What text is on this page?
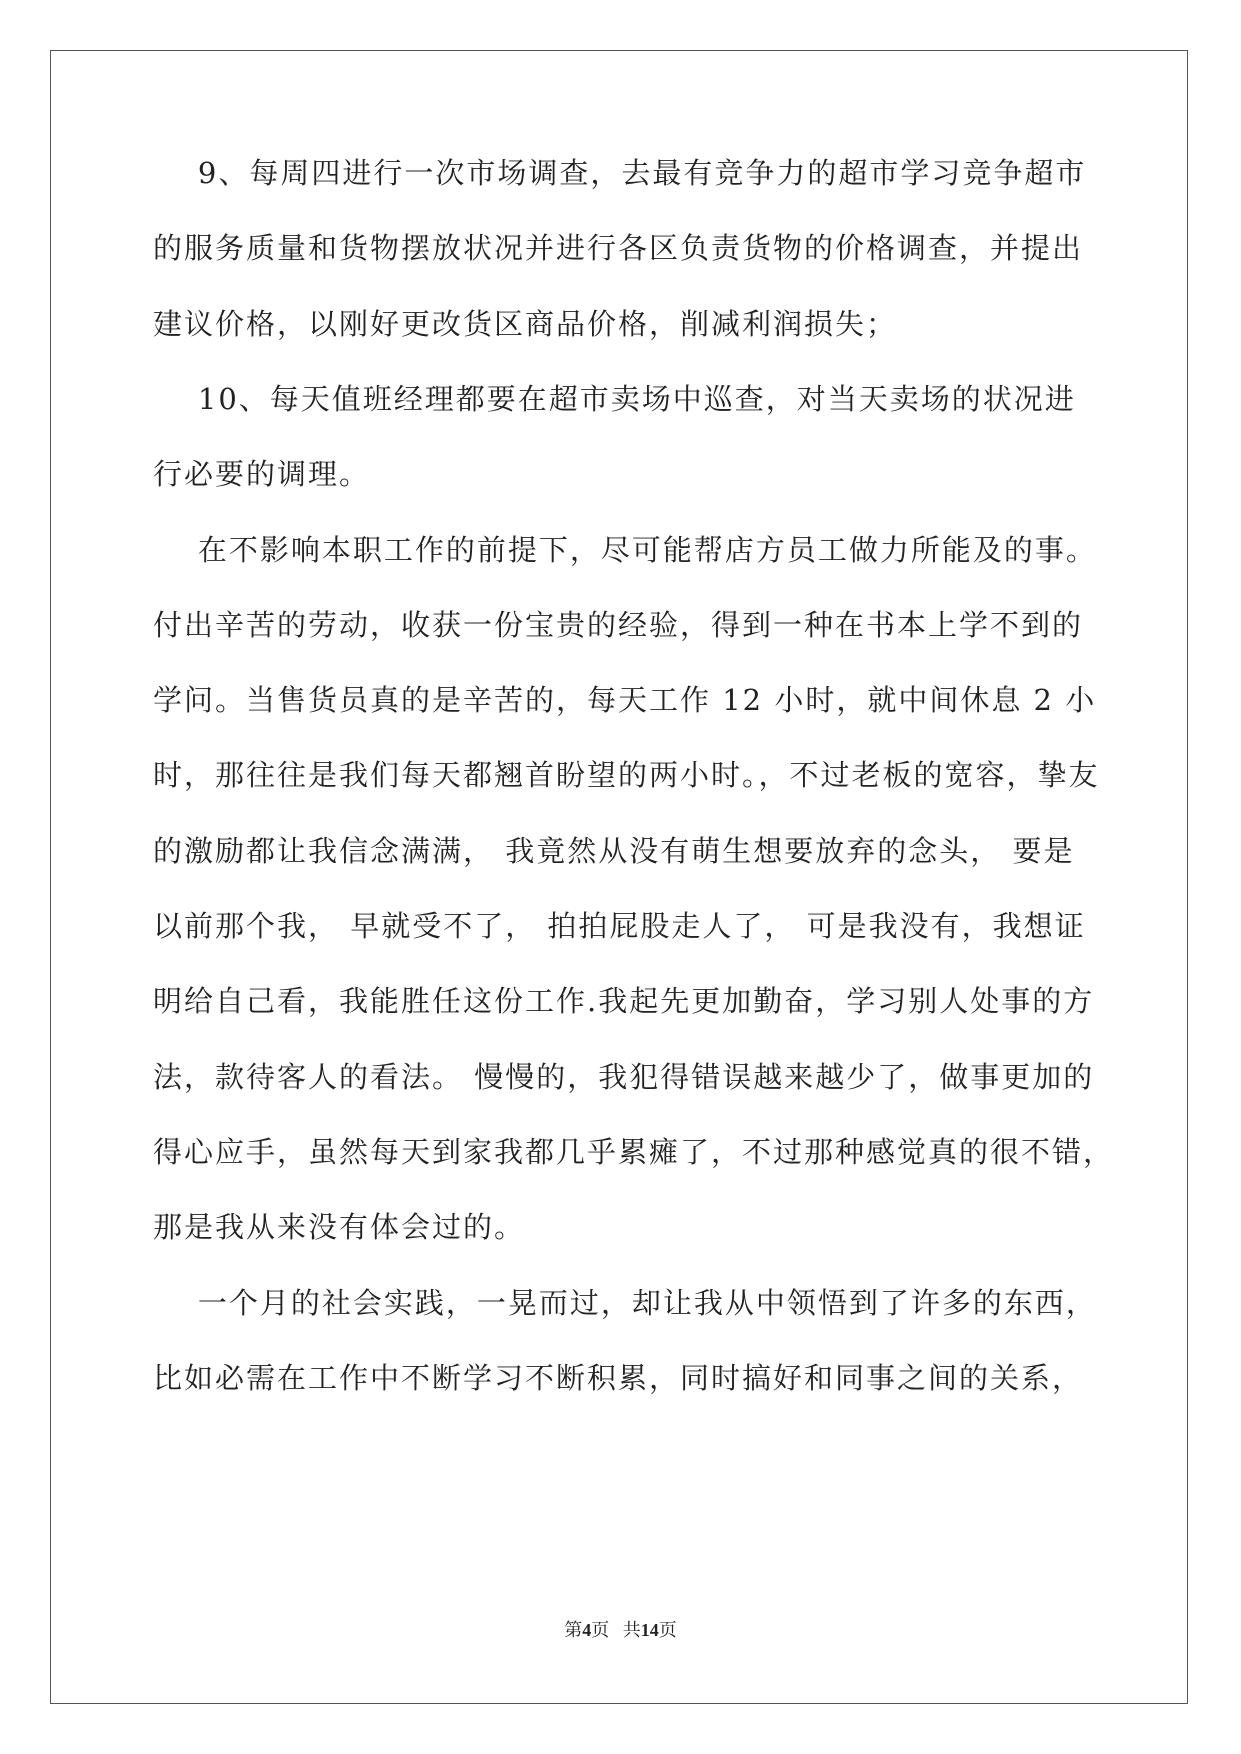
9、每周四进行一次市场调查，去最有竞争力的超市学习竞争超市
的服务质量和货物摆放状况并进行各区负责货物的价格调查，并提出
建议价格，以刚好更改货区商品价格，削减利润损失；
10、每天值班经理都要在超市卖场中巡查，对当天卖场的状况进
行必要的调理。
在不影响本职工作的前提下，尽可能帮店方员工做力所能及的事。
付出辛苦的劳动，收获一份宝贵的经验，得到一种在书本上学不到的
学问。当售货员真的是辛苦的，每天工作 12 小时，就中间休息 2 小
时，那往往是我们每天都翘首盼望的两小时。，不过老板的宽容，挚友
的激励都让我信念满满， 我竟然从没有萌生想要放弃的念头， 要是
以前那个我， 早就受不了， 拍拍屁股走人了， 可是我没有，我想证
明给自己看，我能胜任这份工作.我起先更加勤奋，学习别人处事的方
法，款待客人的看法。 慢慢的，我犯得错误越来越少了，做事更加的
得心应手，虽然每天到家我都几乎累瘫了，不过那种感觉真的很不错，
那是我从来没有体会过的。
一个月的社会实践，一晃而过，却让我从中领悟到了许多的东西，
比如必需在工作中不断学习不断积累，同时搞好和同事之间的关系，
第4页 共14页
